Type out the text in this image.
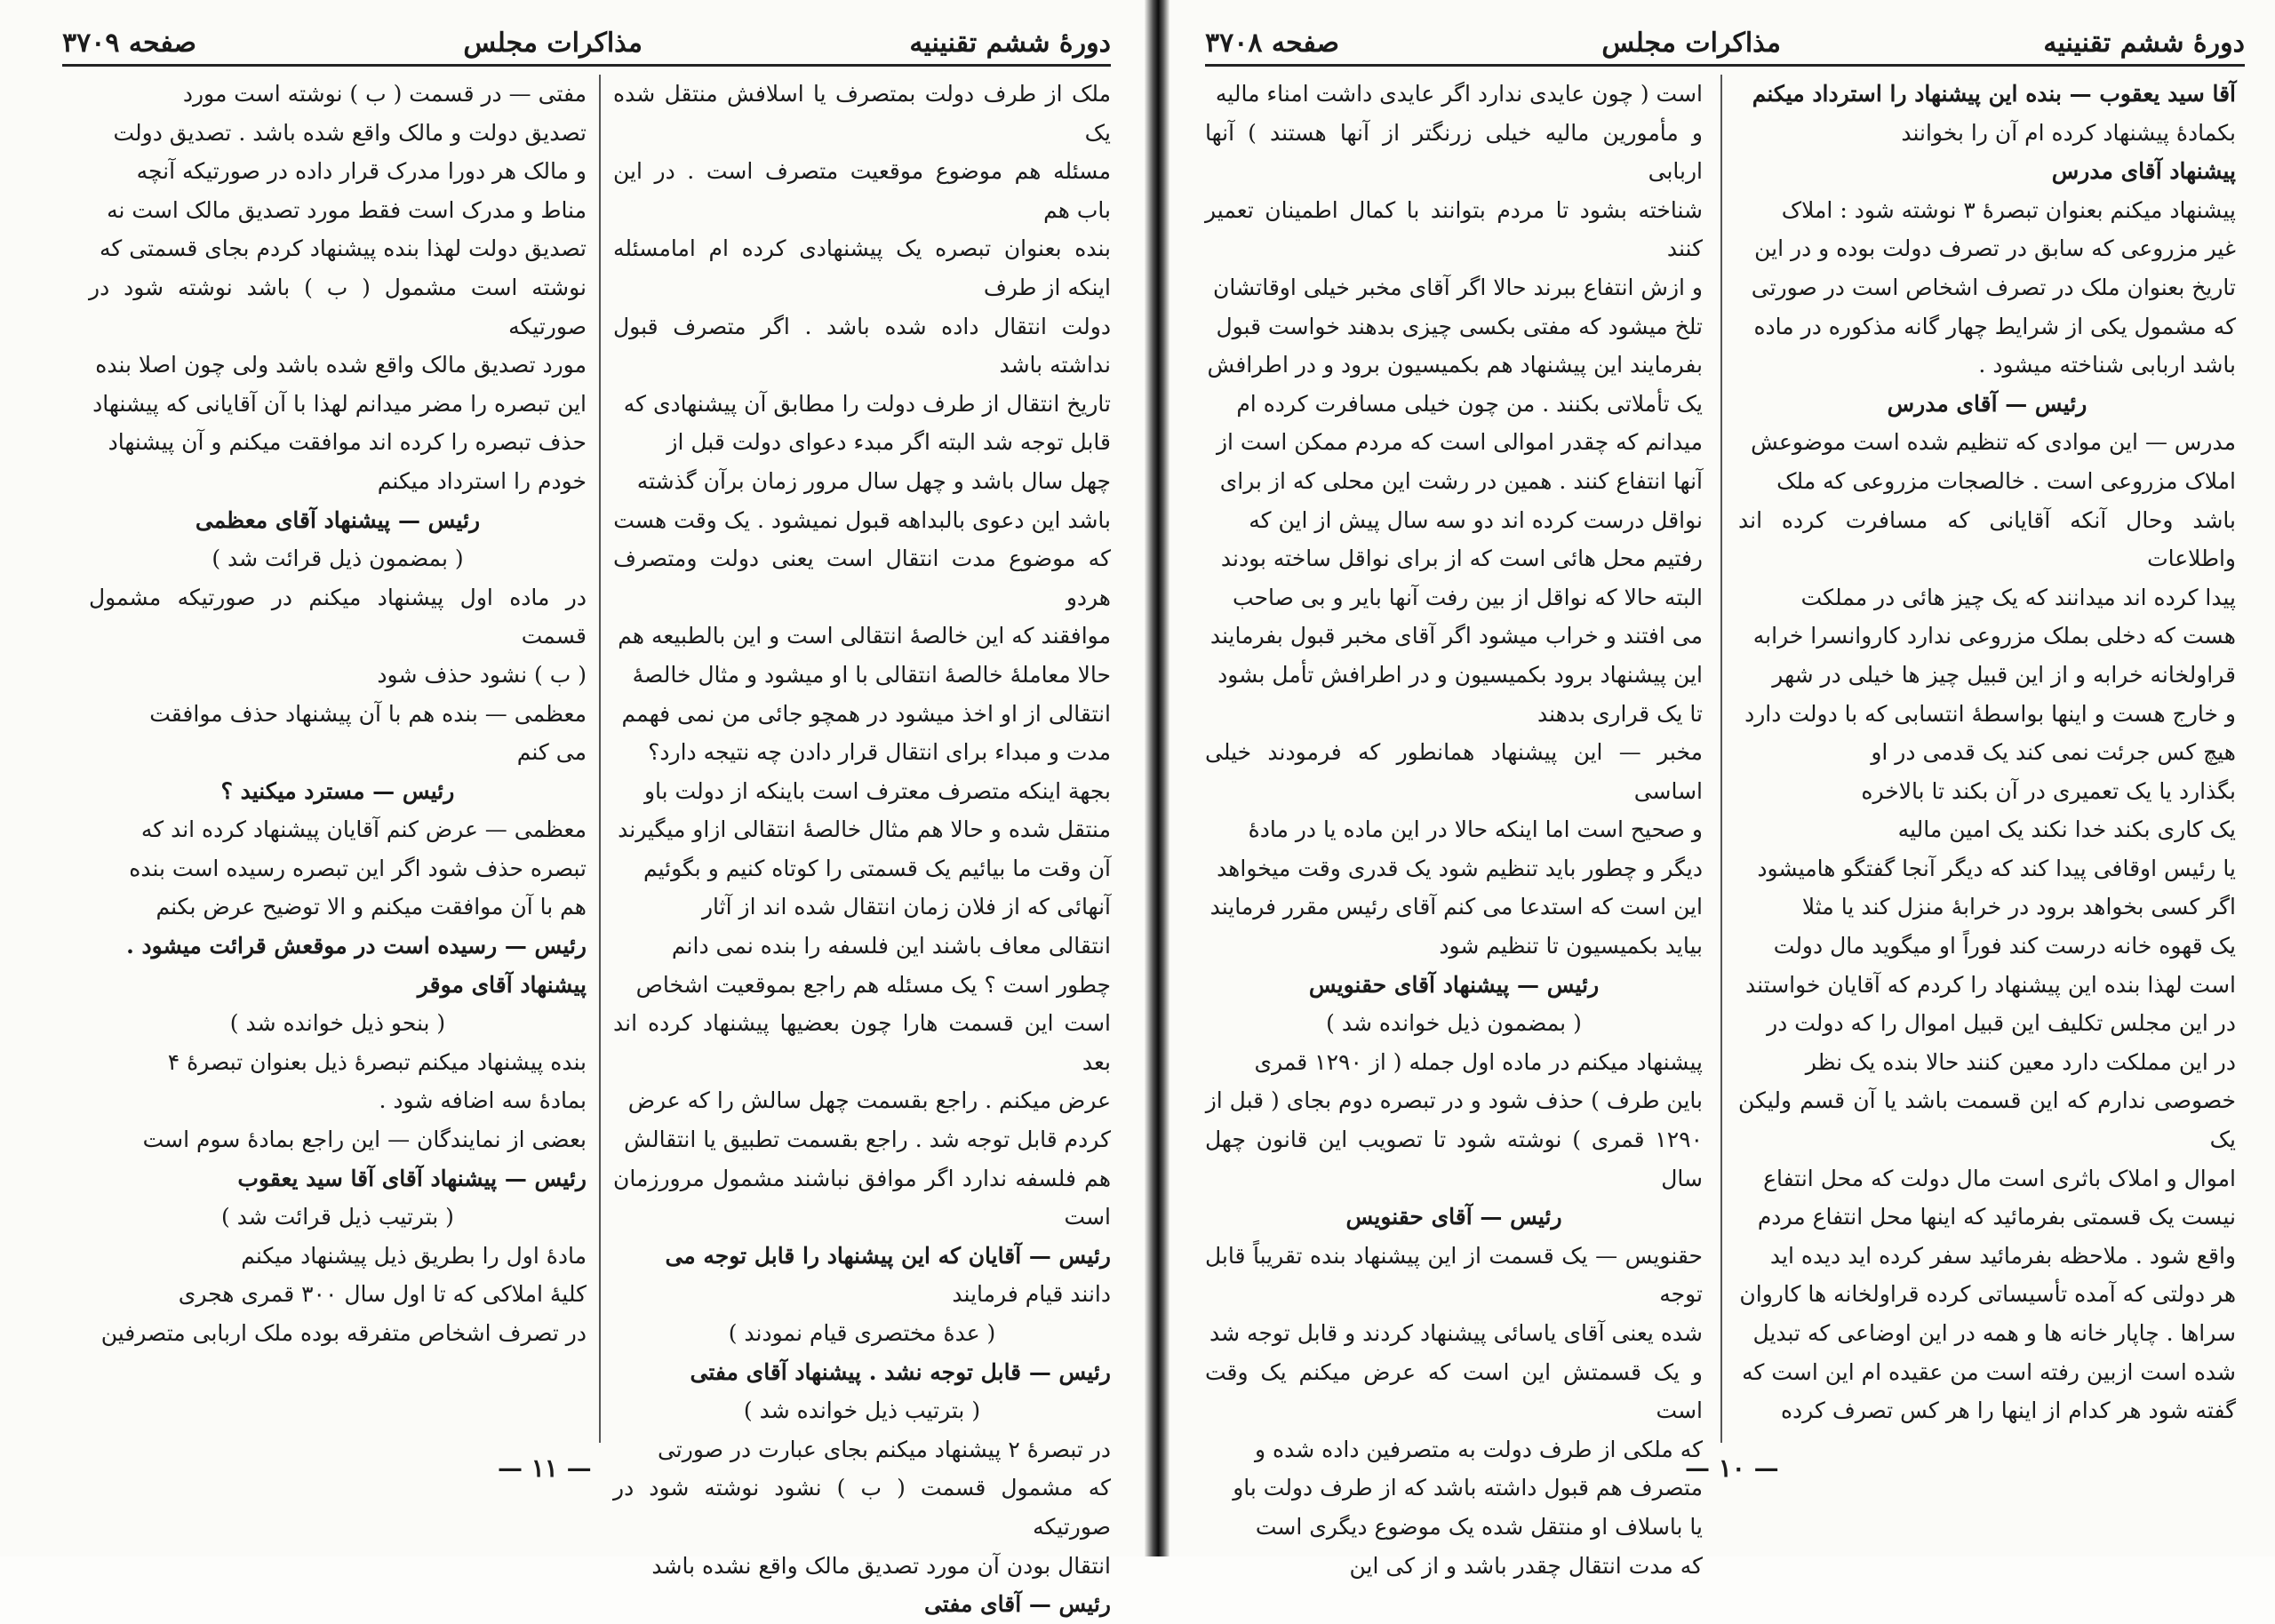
دورهٔ ششم تقنینیه
مذاکرات مجلس
صفحه ۳۷۰۹

ملک از طرف دولت بمتصرف یا اسلافش منتقل شده یک

مسئله هم موضوع موقعیت متصرف است . در این باب هم

بنده بعنوان تبصره یک پیشنهادی کرده ام امامسئله اینکه از طرف

دولت انتقال داده شده باشد . اگر متصرف قبول نداشته باشد

تاریخ انتقال از طرف دولت را مطابق آن پیشنهادی که

قابل توجه شد البته اگر مبدء دعوای دولت قبل از

چهل سال باشد و چهل سال مرور زمان برآن گذشته

باشد این دعوی بالبداهه قبول نمیشود . یک وقت هست

که موضوع مدت انتقال است یعنی دولت ومتصرف هردو

موافقند که این خالصهٔ انتقالی است و این بالطبیعه هم

حالا معاملهٔ خالصهٔ انتقالی با او میشود و مثال خالصهٔ

انتقالی از او اخذ میشود در همچو جائی من نمی فهمم

مدت و مبداء برای انتقال قرار دادن چه نتیجه دارد؟

بجهة اینکه متصرف معترف است باینکه از دولت باو

منتقل شده و حالا هم مثال خالصهٔ انتقالی ازاو میگیرند

آن وقت ما بیائیم یک قسمتی را کوتاه کنیم و بگوئیم

آنهائی که از فلان زمان انتقال شده اند از آثار

انتقالی معاف باشند این فلسفه را بنده نمی دانم

چطور است ؟ یک مسئله هم راجع بموقعیت اشخاص

است این قسمت هارا چون بعضیها پیشنهاد کرده اند بعد

عرض میکنم . راجع بقسمت چهل سالش را که عرض

کردم قابل توجه شد . راجع بقسمت تطبیق یا انتقالش

هم فلسفه ندارد اگر موافق نباشند مشمول مرورزمان است

رئیس — آقایان که این پیشنهاد را قابل توجه می

دانند قیام فرمایند

( عدهٔ مختصری قیام نمودند )

رئیس — قابل توجه نشد . پیشنهاد آقای مفتی

( بترتیب ذیل خوانده شد )

در تبصرهٔ ۲ پیشنهاد میکنم بجای عبارت در صورتی

که مشمول قسمت ( ب ) نشود نوشته شود در صورتیکه

انتقال بودن آن مورد تصدیق مالک واقع نشده باشد

رئیس — آقای مفتی

مفتی — در قسمت ( ب ) نوشته است مورد

تصدیق دولت و مالک واقع شده باشد . تصدیق دولت

و مالک هر دورا مدرک قرار داده در صورتیکه آنچه

مناط و مدرک است فقط مورد تصدیق مالک است نه

تصدیق دولت لهذا بنده پیشنهاد کردم بجای قسمتی که

نوشته است مشمول ( ب ) باشد نوشته شود در صورتیکه

مورد تصدیق مالک واقع شده باشد ولی چون اصلا بنده

این تبصره را مضر میدانم لهذا با آن آقایانی که پیشنهاد

حذف تبصره را کرده اند موافقت میکنم و آن پیشنهاد

خودم را استرداد میکنم

رئیس — پیشنهاد آقای معظمی

( بمضمون ذیل قرائت شد )

در ماده اول پیشنهاد میکنم در صورتیکه مشمول قسمت

( ب ) نشود حذف شود

معظمی — بنده هم با آن پیشنهاد حذف موافقت

می کنم

رئیس — مسترد میکنید ؟

معظمی — عرض کنم آقایان پیشنهاد کرده اند که

تبصره حذف شود اگر این تبصره رسیده است بنده

هم با آن موافقت میکنم و الا توضیح عرض بکنم

رئیس — رسیده است در موقعش قرائت میشود .

پیشنهاد آقای موقر

( بنحو ذیل خوانده شد )

بنده پیشنهاد میکنم تبصرهٔ ذیل بعنوان تبصرهٔ ۴

بمادهٔ سه اضافه شود .

بعضی از نمایندگان — این راجع بمادهٔ سوم است

رئیس — پیشنهاد آقای آقا سید یعقوب

( بترتیب ذیل قرائت شد )

مادهٔ اول را بطریق ذیل پیشنهاد میکنم

کلیهٔ املاکی که تا اول سال ۳۰۰ قمری هجری

در تصرف اشخاص متفرقه بوده ملک اربابی متصرفین

— ۱۱ —
دورهٔ ششم تقنینیه
مذاکرات مجلس
صفحه ۳۷۰۸

آقا سید یعقوب — بنده این پیشنهاد را استرداد میکنم

بکمادهٔ پیشنهاد کرده ام آن را بخوانند

پیشنهاد آقای مدرس

پیشنهاد میکنم بعنوان تبصرهٔ ۳ نوشته شود : املاک

غیر مزروعی که سابق در تصرف دولت بوده و در این

تاریخ بعنوان ملک در تصرف اشخاص است در صورتی

که مشمول یکی از شرایط چهار گانه مذکوره در ماده

باشد اربابی شناخته میشود .

رئیس — آقای مدرس

مدرس — این موادی که تنظیم شده است موضوعش

املاک مزروعی است . خالصجات مزروعی که ملک

باشد وحال آنکه آقایانی که مسافرت کرده اند واطلاعات

پیدا کرده اند میدانند که یک چیز هائی در مملکت

هست که دخلی بملک مزروعی ندارد کاروانسرا خرابه

قراولخانه خرابه و از این قبیل چیز ها خیلی در شهر

و خارج هست و اینها بواسطهٔ انتسابی که با دولت دارد

هیچ کس جرئت نمی کند یک قدمی در او

بگذارد یا یک تعمیری در آن بکند تا بالاخره

یک کاری بکند خدا نکند یک امین مالیه

یا رئیس اوقافی پیدا کند که دیگر آنجا گفتگو هامیشود

اگر کسی بخواهد برود در خرابهٔ منزل کند یا مثلا

یک قهوه خانه درست کند فوراً او میگوید مال دولت

است لهذا بنده این پیشنهاد را کردم که آقایان خواستند

در این مجلس تکلیف این قبیل اموال را که دولت در

در این مملکت دارد معین کنند حالا بنده یک نظر

خصوصی ندارم که این قسمت باشد یا آن قسم ولیکن یک

اموال و املاک باثری است مال دولت که محل انتفاع

نیست یک قسمتی بفرمائید که اینها محل انتفاع مردم

واقع شود . ملاحظه بفرمائید سفر کرده اید دیده اید

هر دولتی که آمده تأسیساتی کرده قراولخانه ها کاروان

سراها . چاپار خانه ها و همه در این اوضاعی که تبدیل

شده است ازبین رفته است من عقیده ام این است که

گفته شود هر کدام از اینها را هر کس تصرف کرده

است ( چون عایدی ندارد اگر عایدی داشت امناء مالیه

و مأمورین مالیه خیلی زرنگتر از آنها هستند ) آنها اربابی

شناخته بشود تا مردم بتوانند با کمال اطمینان تعمیر کنند

و ازش انتفاع ببرند حالا اگر آقای مخبر خیلی اوقاتشان

تلخ میشود که مفتی بکسی چیزی بدهند خواست قبول

بفرمایند این پیشنهاد هم بکمیسیون برود و در اطرافش

یک تأملاتی بکنند . من چون خیلی مسافرت کرده ام

میدانم که چقدر اموالی است که مردم ممکن است از

آنها انتفاع کنند . همین در رشت این محلی که از برای

نواقل درست کرده اند دو سه سال پیش از این که

رفتیم محل هائی است که از برای نواقل ساخته بودند

البته حالا که نواقل از بین رفت آنها بایر و بی صاحب

می افتند و خراب میشود اگر آقای مخبر قبول بفرمایند

این پیشنهاد برود بکمیسیون و در اطرافش تأمل بشود

تا یک قراری بدهند

مخبر — این پیشنهاد همانطور که فرمودند خیلی اساسی

و صحیح است اما اینکه حالا در این ماده یا در مادهٔ

دیگر و چطور باید تنظیم شود یک قدری وقت میخواهد

این است که استدعا می کنم آقای رئیس مقرر فرمایند

بیاید بکمیسیون تا تنظیم شود

رئیس — پیشنهاد آقای حقنویس

( بمضمون ذیل خوانده شد )

پیشنهاد میکنم در ماده اول جمله ( از ۱۲۹۰ قمری

باین طرف ) حذف شود و در تبصره دوم بجای ( قبل از

۱۲۹۰ قمری ) نوشته شود تا تصویب این قانون چهل سال

رئیس — آقای حقنویس

حقنویس — یک قسمت از این پیشنهاد بنده تقریباً قابل توجه

شده یعنی آقای یاسائی پیشنهاد کردند و قابل توجه شد

و یک قسمتش این است که عرض میکنم یک وقت است

که ملکی از طرف دولت به متصرفین داده شده و

متصرف هم قبول داشته باشد که از طرف دولت باو

یا باسلاف او منتقل شده یک موضوع دیگری است

که مدت انتقال چقدر باشد و از کی این

— ۱۰ —
